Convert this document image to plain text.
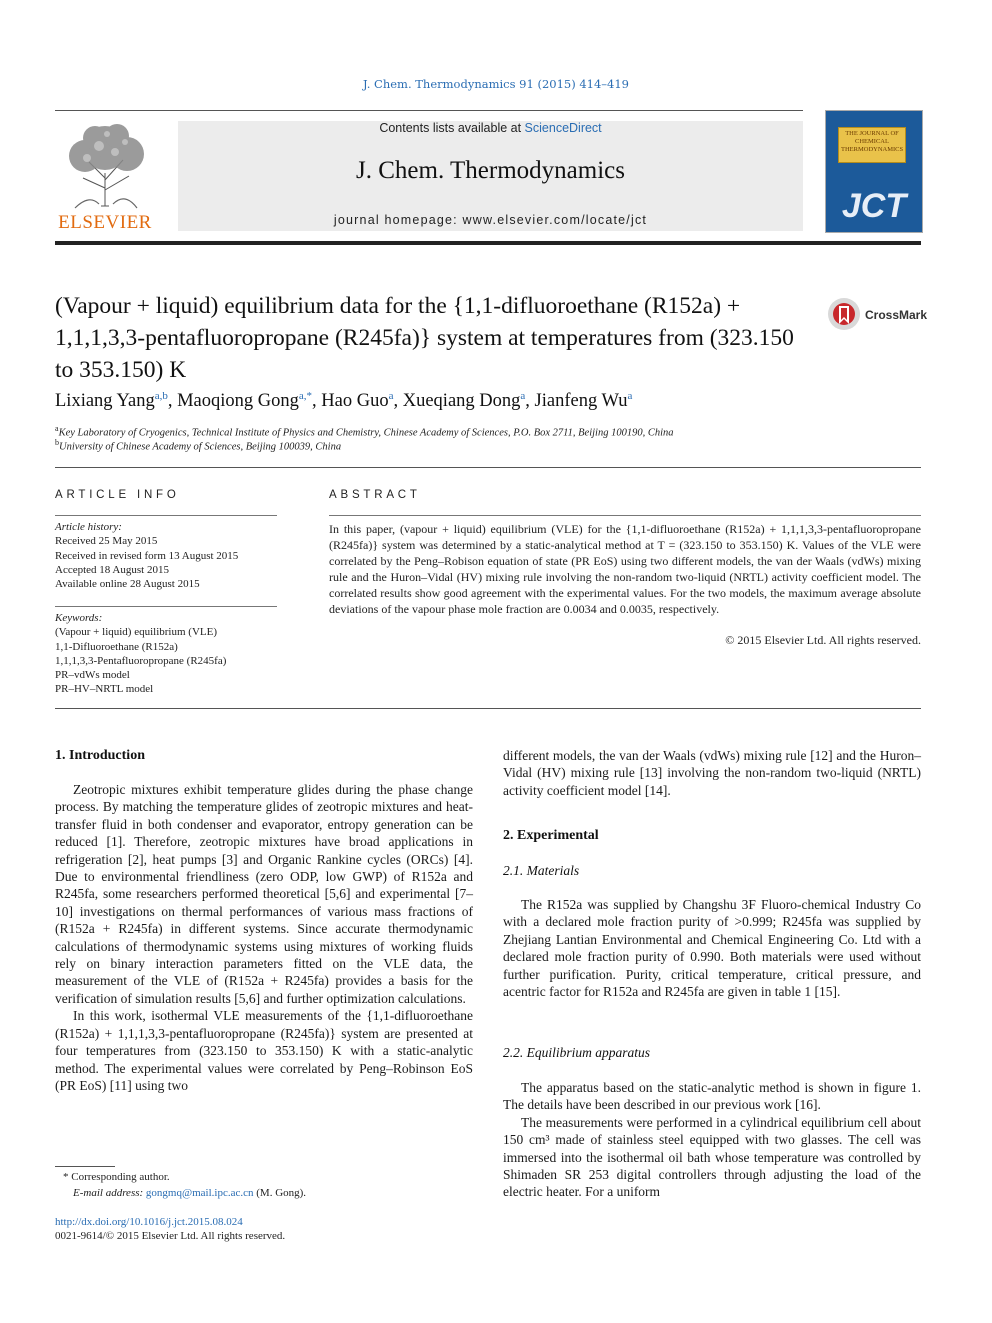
J. Chem. Thermodynamics 91 (2015) 414–419
ELSEVIER
Contents lists available at ScienceDirect
J. Chem. Thermodynamics
journal homepage: www.elsevier.com/locate/jct
THE JOURNAL OF CHEMICAL THERMODYNAMICS
JCT
(Vapour + liquid) equilibrium data for the {1,1-difluoroethane (R152a) + 1,1,1,3,3-pentafluoropropane (R245fa)} system at temperatures from (323.150 to 353.150) K
CrossMark
Lixiang Yang$^{a,b}$, Maoqiong Gong$^{a,*}$, Hao Guo$^a$, Xueqiang Dong$^a$, Jianfeng Wu$^a$
$^a$Key Laboratory of Cryogenics, Technical Institute of Physics and Chemistry, Chinese Academy of Sciences, P.O. Box 2711, Beijing 100190, China
$^b$University of Chinese Academy of Sciences, Beijing 100039, China
ARTICLE INFO
Article history:
Received 25 May 2015
Received in revised form 13 August 2015
Accepted 18 August 2015
Available online 28 August 2015
Keywords:
(Vapour + liquid) equilibrium (VLE)
1,1-Difluoroethane (R152a)
1,1,1,3,3-Pentafluoropropane (R245fa)
PR–vdWs model
PR–HV–NRTL model
ABSTRACT
In this paper, (vapour + liquid) equilibrium (VLE) for the {1,1-difluoroethane (R152a) + 1,1,1,3,3-pentafluoropropane (R245fa)} system was determined by a static-analytical method at T = (323.150 to 353.150) K. Values of the VLE were correlated by the Peng–Robison equation of state (PR EoS) using two different models, the van der Waals (vdWs) mixing rule and the Huron–Vidal (HV) mixing rule involving the non-random two-liquid (NRTL) activity coefficient model. The correlated results show good agreement with the experimental values. For the two models, the maximum average absolute deviations of the vapour phase mole fraction are 0.0034 and 0.0035, respectively.
© 2015 Elsevier Ltd. All rights reserved.
1. Introduction

Zeotropic mixtures exhibit temperature glides during the phase change process. By matching the temperature glides of zeotropic mixtures and heat-transfer fluid in both condenser and evaporator, entropy generation can be reduced [1]. Therefore, zeotropic mixtures have broad applications in refrigeration [2], heat pumps [3] and Organic Rankine cycles (ORCs) [4]. Due to environmental friendliness (zero ODP, low GWP) of R152a and R245fa, some researchers performed theoretical [5,6] and experimental [7–10] investigations on thermal performances of various mass fractions of (R152a + R245fa) in different systems. Since accurate thermodynamic calculations of thermodynamic systems using mixtures of working fluids rely on binary interaction parameters fitted on the VLE data, the measurement of the VLE of (R152a + R245fa) provides a basis for the verification of simulation results [5,6] and further optimization calculations.

In this work, isothermal VLE measurements of the {1,1-difluoroethane (R152a) + 1,1,1,3,3-pentafluoropropane (R245fa)} system are presented at four temperatures from (323.150 to 353.150) K with a static-analytic method. The experimental values were correlated by Peng–Robinson EoS (PR EoS) [11] using two

different models, the van der Waals (vdWs) mixing rule [12] and the Huron–Vidal (HV) mixing rule [13] involving the non-random two-liquid (NRTL) activity coefficient model [14].
2. Experimental
2.1. Materials

The R152a was supplied by Changshu 3F Fluoro-chemical Industry Co with a declared mole fraction purity of >0.999; R245fa was supplied by Zhejiang Lantian Environmental and Chemical Engineering Co. Ltd with a declared mole fraction purity of 0.990. Both materials were used without further purification. Purity, critical temperature, critical pressure, and acentric factor for R152a and R245fa are given in table 1 [15].

2.2. Equilibrium apparatus

The apparatus based on the static-analytic method is shown in figure 1. The details have been described in our previous work [16].

The measurements were performed in a cylindrical equilibrium cell about 150 cm³ made of stainless steel equipped with two glasses. The cell was immersed into the isothermal oil bath whose temperature was controlled by Shimaden SR 253 digital controllers through adjusting the load of the electric heater. For a uniform

* Corresponding author.
E-mail address: gongmq@mail.ipc.ac.cn (M. Gong).
http://dx.doi.org/10.1016/j.jct.2015.08.024
0021-9614/© 2015 Elsevier Ltd. All rights reserved.
